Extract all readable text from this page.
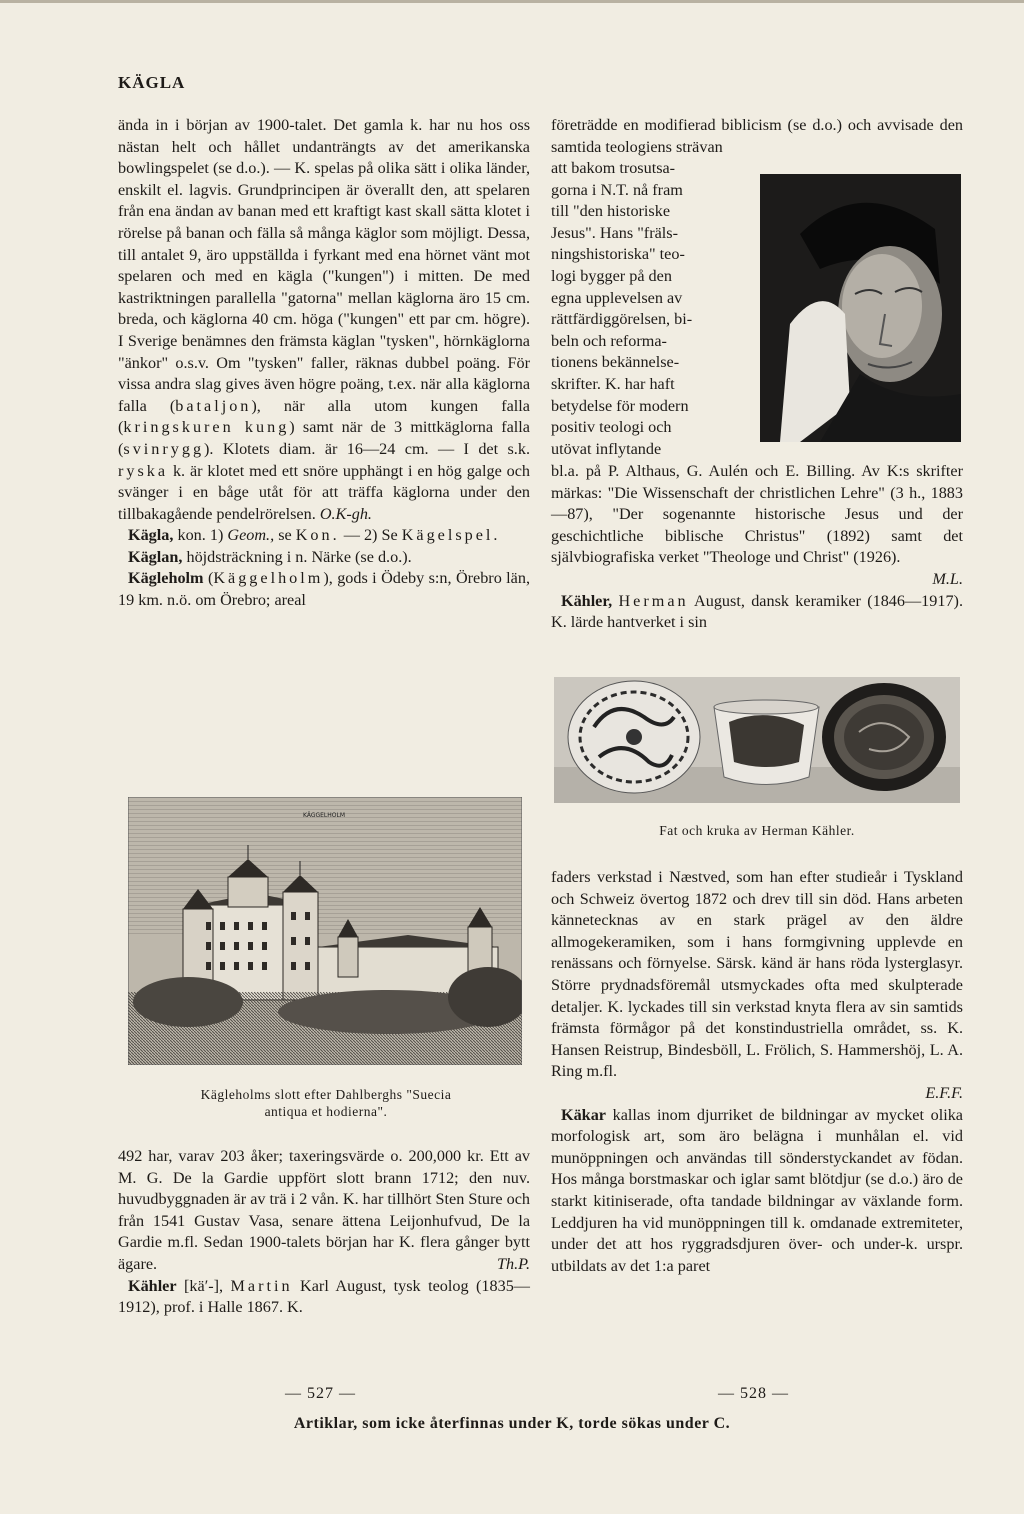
KÄGLA

ända in i början av 1900-talet. Det gamla k. har nu hos oss nästan helt och hållet undanträngts av det amerikanska bowlingspelet (se d.o.). — K. spelas på olika sätt i olika länder, enskilt el. lagvis. Grundprincipen är överallt den, att spelaren från ena ändan av banan med ett kraftigt kast skall sätta klotet i rörelse på banan och fälla så många käglor som möjligt. Dessa, till antalet 9, äro uppställda i fyrkant med ena hörnet vänt mot spelaren och med en kägla ("kungen") i mitten. De med kastriktningen parallella "gatorna" mellan käglorna äro 15 cm. breda, och käglorna 40 cm. höga ("kungen" ett par cm. högre). I Sverige benämnes den främsta käglan "tysken", hörnkäglorna "änkor" o.s.v. Om "tysken" faller, räknas dubbel poäng. För vissa andra slag gives även högre poäng, t.ex. när alla käglorna falla (bataljon), när alla utom kungen falla (kringskuren kung) samt när de 3 mittkäglorna falla (svinrygg). Klotets diam. är 16—24 cm. — I det s.k. ryska k. är klotet med ett snöre upphängt i en hög galge och svänger i en båge utåt för att träffa käglorna under den tillbakagående pendelrörelsen. O.K-gh.

Kägla, kon. 1) Geom., se Kon. — 2) Se Kägelspel.

Käglan, höjdsträckning i n. Närke (se d.o.).

Kägleholm (Käggelholm), gods i Ödeby s:n, Örebro län, 19 km. n.ö. om Örebro; areal

KÄGGELHOLM
Kägleholms slott efter Dahlberghs "Suecia
antiqua et hodierna".

492 har, varav 203 åker; taxeringsvärde o. 200,000 kr. Ett av M. G. De la Gardie uppfört slott brann 1712; den nuv. huvudbyggnaden är av trä i 2 vån. K. har tillhört Sten Sture och från 1541 Gustav Vasa, senare ättena Leijonhufvud, De la Gardie m.fl. Sedan 1900-talets början har K. flera gånger bytt ägare.	Th.P.

Kähler [kä′-], Martin Karl August, tysk teolog (1835—1912), prof. i Halle 1867. K.

företrädde en modifierad biblicism (se d.o.) och avvisade den samtida teologiens strävan

att bakom trosutsa-
gorna i N.T. nå fram
till "den historiske
Jesus". Hans "fräls-
ningshistoriska" teo-
logi bygger på den
egna upplevelsen av
rättfärdiggörelsen, bi-
beln och reforma-
tionens bekännelse-
skrifter. K. har haft
betydelse för modern
positiv teologi och
utövat inflytande

bl.a. på P. Althaus, G. Aulén och E. Billing. Av K:s skrifter märkas: "Die Wissenschaft der christlichen Lehre" (3 h., 1883—87), "Der sogenannte historische Jesus und der geschichtliche biblische Christus" (1892) samt det självbiografiska verket "Theologe und Christ" (1926).

M.L.

Kähler, Herman August, dansk keramiker (1846—1917). K. lärde hantverket i sin

Fat och kruka av Herman Kähler.

faders verkstad i Næstved, som han efter studieår i Tyskland och Schweiz övertog 1872 och drev till sin död. Hans arbeten kännetecknas av en stark prägel av den äldre allmogekeramiken, som i hans formgivning upplevde en renässans och förnyelse. Särsk. känd är hans röda lysterglasyr. Större prydnadsföremål utsmyckades ofta med skulpterade detaljer. K. lyckades till sin verkstad knyta flera av sin samtids främsta förmågor på det konstindustriella området, ss. K. Hansen Reistrup, Bindesböll, L. Frölich, S. Hammershöj, L. A. Ring m.fl.

E.F.F.

Käkar kallas inom djurriket de bildningar av mycket olika morfologisk art, som äro belägna i munhålan el. vid munöppningen och användas till sönderstyckandet av födan. Hos många borstmaskar och iglar samt blötdjur (se d.o.) äro de starkt kitiniserade, ofta tandade bildningar av växlande form. Leddjuren ha vid munöppningen till k. omdanade extremiteter, under det att hos ryggradsdjuren över- och under-k. urspr. utbildats av det 1:a paret

— 527 —	— 528 —
Artiklar, som icke återfinnas under K, torde sökas under C.
